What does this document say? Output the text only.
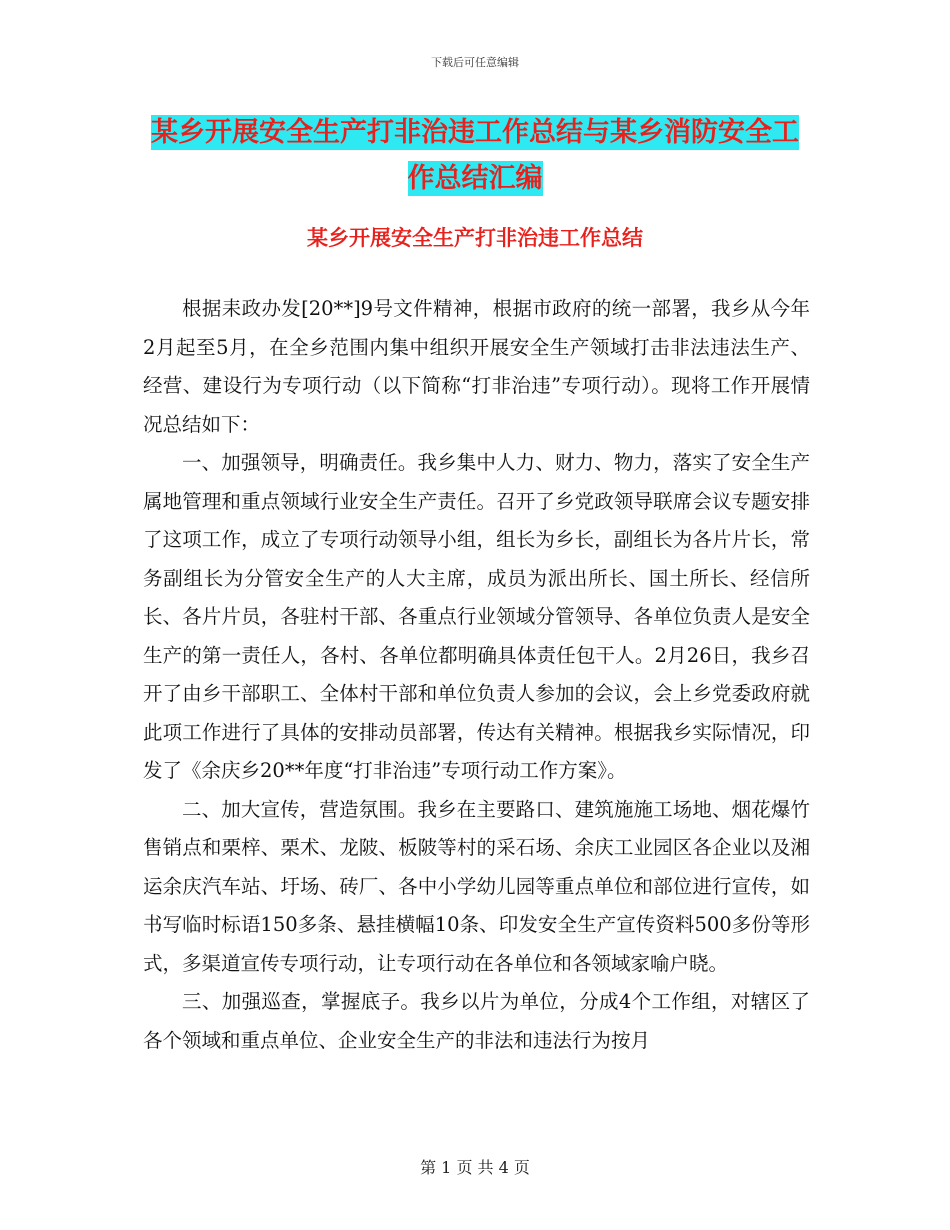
下载后可任意编辑
某乡开展安全生产打非治违工作总结与某乡消防安全工作总结汇编
某乡开展安全生产打非治违工作总结

根据耒政办发[20**]9号文件精神，根据市政府的统一部署，我乡从今年2月起至5月，在全乡范围内集中组织开展安全生产领域打击非法违法生产、经营、建设行为专项行动（以下简称“打非治违”专项行动）。现将工作开展情况总结如下：

一、加强领导，明确责任。我乡集中人力、财力、物力，落实了安全生产属地管理和重点领域行业安全生产责任。召开了乡党政领导联席会议专题安排了这项工作，成立了专项行动领导小组，组长为乡长，副组长为各片片长，常务副组长为分管安全生产的人大主席，成员为派出所长、国土所长、经信所长、各片片员，各驻村干部、各重点行业领域分管领导、各单位负责人是安全生产的第一责任人，各村、各单位都明确具体责任包干人。2月26日，我乡召开了由乡干部职工、全体村干部和单位负责人参加的会议，会上乡党委政府就此项工作进行了具体的安排动员部署，传达有关精神。根据我乡实际情况，印发了《余庆乡20**年度“打非治违”专项行动工作方案》。

二、加大宣传，营造氛围。我乡在主要路口、建筑施施工场地、烟花爆竹售销点和栗梓、栗术、龙陂、板陂等村的采石场、余庆工业园区各企业以及湘运余庆汽车站、圩场、砖厂、各中小学幼儿园等重点单位和部位进行宣传，如书写临时标语150多条、悬挂横幅10条、印发安全生产宣传资料500多份等形式，多渠道宣传专项行动，让专项行动在各单位和各领域家喻户晓。

三、加强巡查，掌握底子。我乡以片为单位，分成4个工作组，对辖区了各个领域和重点单位、企业安全生产的非法和违法行为按月

第 1 页 共 4 页
